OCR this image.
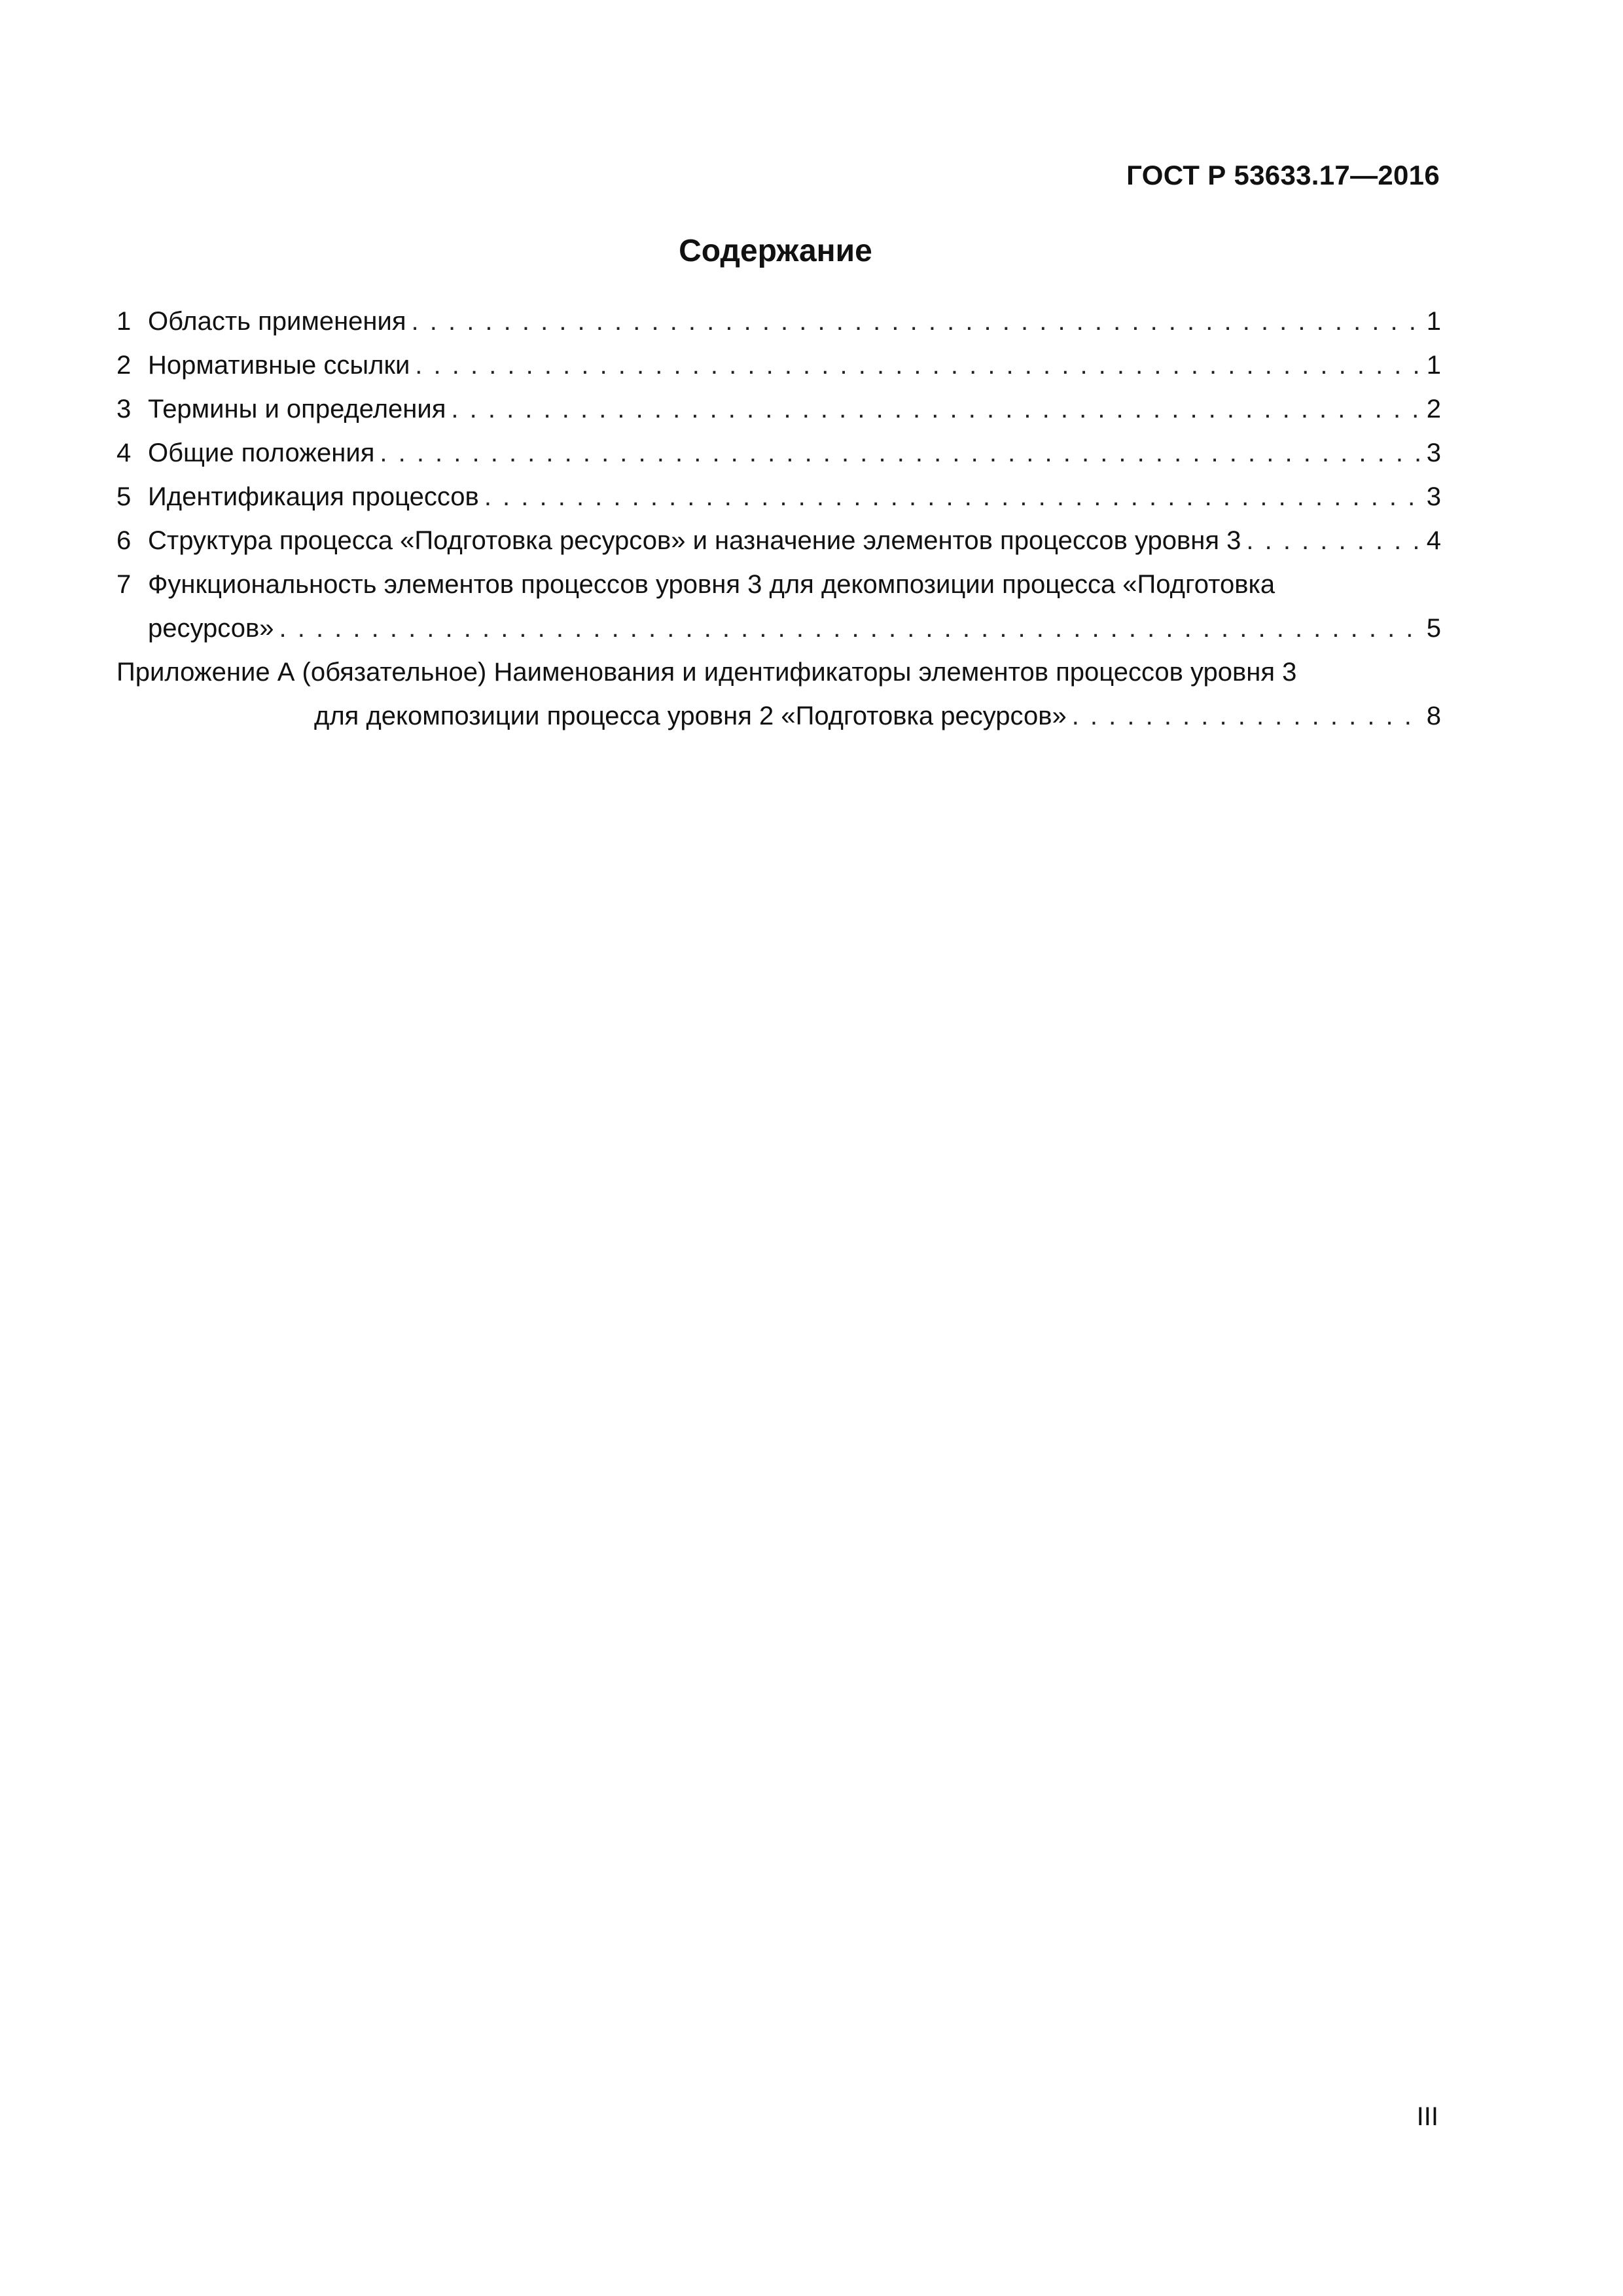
ГОСТ Р 53633.17—2016
Содержание
1 Область применения . . .	1
2 Нормативные ссылки . . .	1
3 Термины и определения . . .	2
4 Общие положения . . .	3
5 Идентификация процессов . . .	3
6 Структура процесса «Подготовка ресурсов» и назначение элементов процессов уровня 3 . . .	4
7 Функциональность элементов процессов уровня 3 для декомпозиции процесса «Подготовка
ресурсов» . . .	5
Приложение А (обязательное) Наименования и идентификаторы элементов процессов уровня 3
для декомпозиции процесса уровня 2 «Подготовка ресурсов» . . .	8
III
